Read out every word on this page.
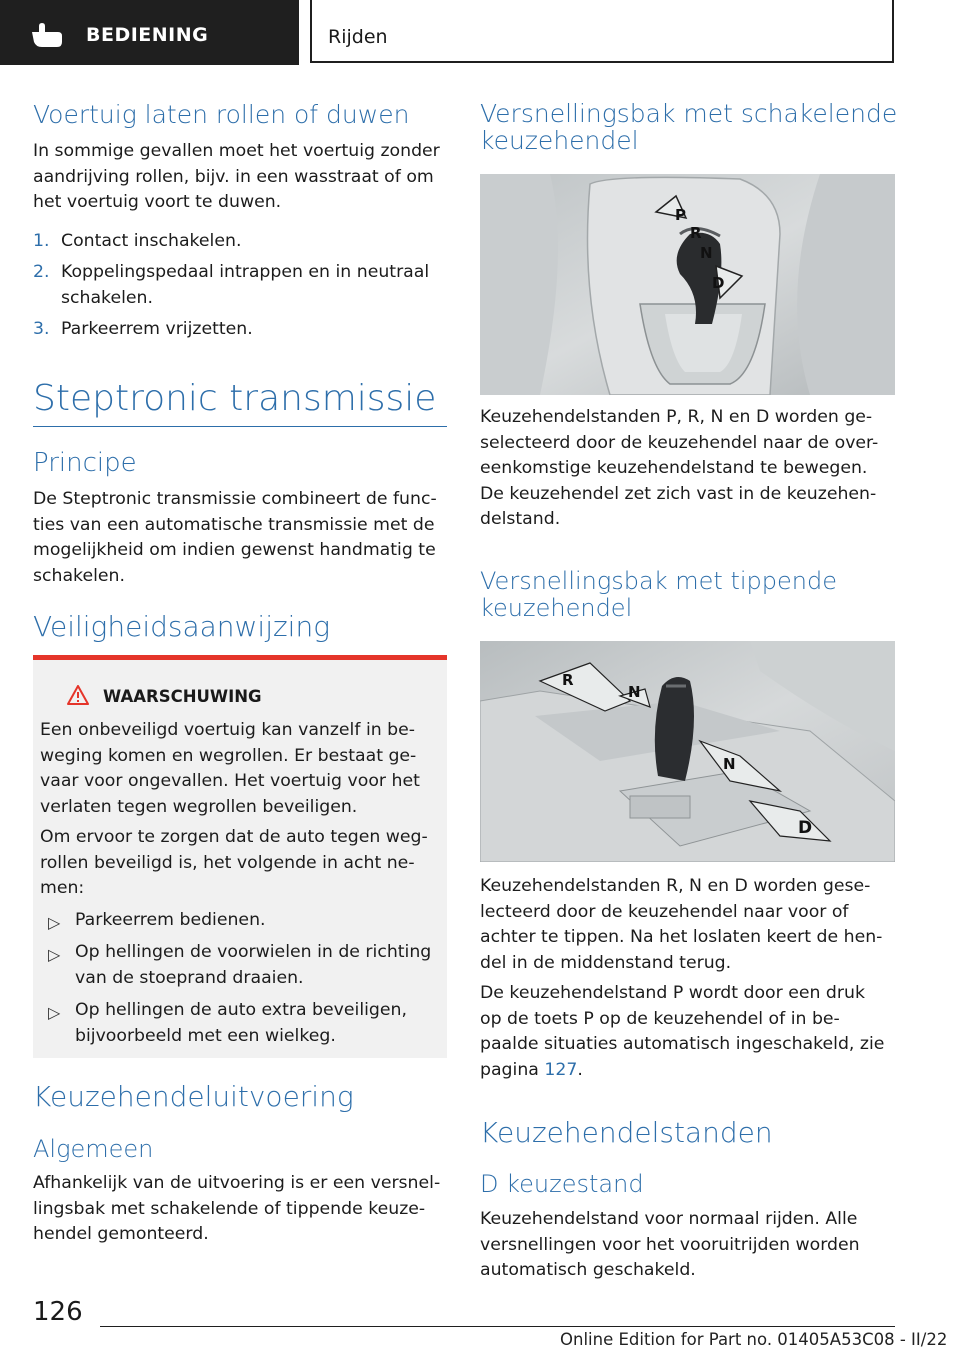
BEDIENING	Rijden
Voertuig laten rollen of duwen
In sommige gevallen moet het voertuig zonder
aandrijving rollen, bijv. in een wasstraat of om
het voertuig voort te duwen.
1. Contact inschakelen.
2. Koppelingspedaal intrappen en in neutraal
schakelen.
3. Parkeerrem vrijzetten.
Steptronic transmissie
Principe
De Steptronic transmissie combineert de func-
ties van een automatische transmissie met de
mogelijkheid om indien gewenst handmatig te
schakelen.
Veiligheidsaanwijzing
WAARSCHUWING
Een onbeveiligd voertuig kan vanzelf in be-
weging komen en wegrollen. Er bestaat ge-
vaar voor ongevallen. Het voertuig voor het
verlaten tegen wegrollen beveiligen.
Om ervoor te zorgen dat de auto tegen weg-
rollen beveiligd is, het volgende in acht ne-
men:
▷ Parkeerrem bedienen.
▷ Op hellingen de voorwielen in de richting
van de stoeprand draaien.
▷ Op hellingen de auto extra beveiligen,
bijvoorbeeld met een wielkeg.
Keuzehendeluitvoering
Algemeen
Afhankelijk van de uitvoering is er een versnel-
lingsbak met schakelende of tippende keuze-
hendel gemonteerd.
Versnellingsbak met schakelende
keuzehendel
P
R
N
D
Keuzehendelstanden P, R, N en D worden ge-
selecteerd door de keuzehendel naar de over-
eenkomstige keuzehendelstand te bewegen.
De keuzehendel zet zich vast in de keuzehen-
delstand.
Versnellingsbak met tippende
keuzehendel
R
N
N
D
Keuzehendelstanden R, N en D worden gese-
lecteerd door de keuzehendel naar voor of
achter te tippen. Na het loslaten keert de hen-
del in de middenstand terug.
De keuzehendelstand P wordt door een druk
op de toets P op de keuzehendel of in be-
paalde situaties automatisch ingeschakeld, zie
pagina 127.
Keuzehendelstanden
D keuzestand
Keuzehendelstand voor normaal rijden. Alle
versnellingen voor het vooruitrijden worden
automatisch geschakeld.
126
Online Edition for Part no. 01405A53C08 - II/22
